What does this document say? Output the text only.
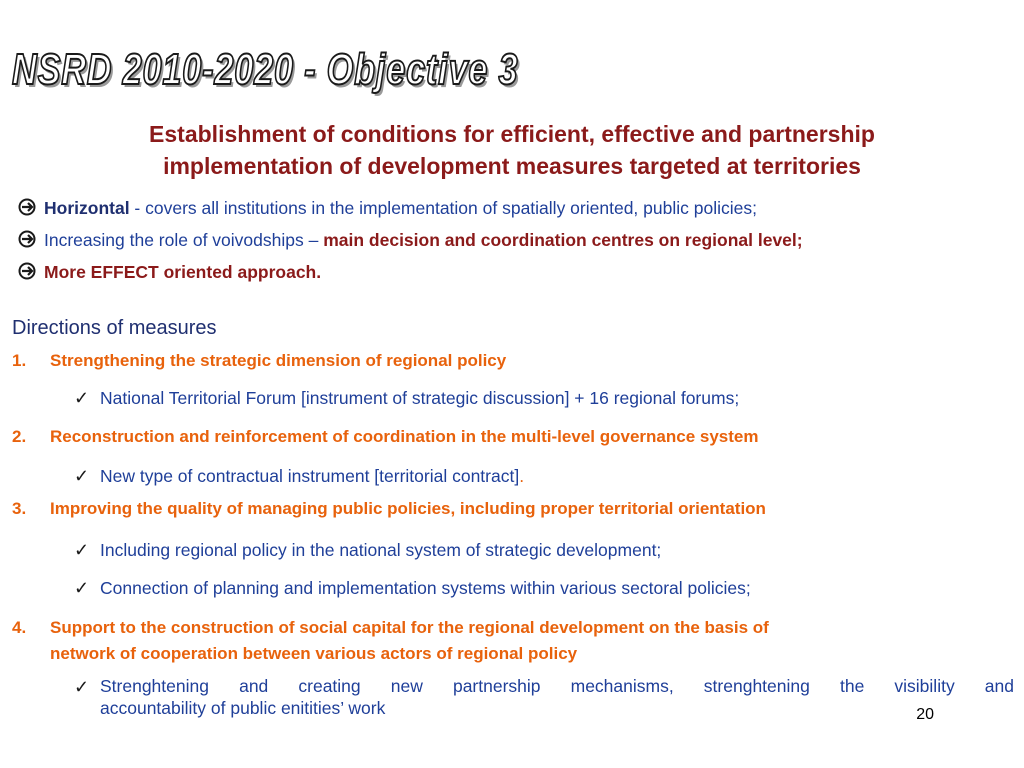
NSRD 2010-2020 - Objective 3
Establishment of conditions for efficient, effective and partnership
implementation of development measures targeted at territories
Horizontal - covers all institutions in the implementation of spatially oriented, public policies;
Increasing the role of voivodships – main decision and coordination centres on regional level;
More EFFECT oriented approach.
Directions of measures
1. Strengthening the strategic dimension of regional policy
✓ National Territorial Forum [instrument of strategic discussion] + 16 regional forums;
2. Reconstruction and reinforcement of coordination in the multi-level governance system
✓ New type of contractual instrument [territorial contract].
3. Improving the quality of managing public policies, including proper territorial orientation
✓ Including regional policy in the national system of strategic development;
✓ Connection of planning and implementation systems within various sectoral policies;
4. Support to the construction of social capital for the regional development on the basis of
network of cooperation between various actors of regional policy
✓ Strenghtening and creating new partnership mechanisms, strenghtening the visibility and
accountability of public enitities’ work	20
